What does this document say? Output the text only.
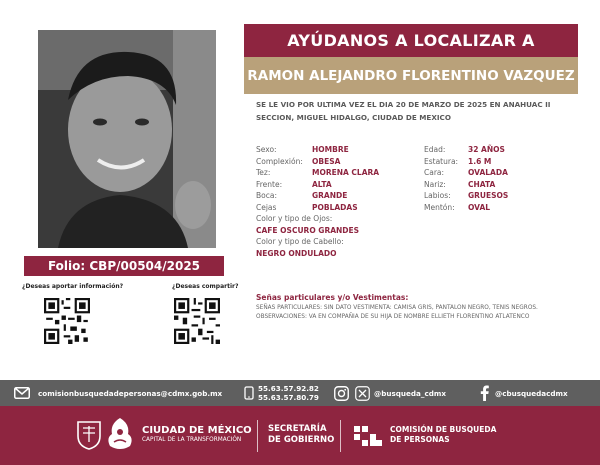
Folio: CBP/00504/2025
¿Deseas aportar información?	¿Deseas compartir?
AYÚDANOS A LOCALIZAR A
RAMON ALEJANDRO FLORENTINO VAZQUEZ
SE LE VIO POR ULTIMA VEZ EL DIA 20 DE MARZO DE 2025 EN ANAHUAC II SECCION, MIGUEL HIDALGO, CIUDAD DE MEXICO
Sexo:	HOMBRE
Complexión: OBESA
Tez:	MORENA CLARA
Frente:	ALTA
Boca:	GRANDE
Cejas	POBLADAS
Edad:	32 AÑOS
Estatura: 1.6 M
Cara:	OVALADA
Nariz:	CHATA
Labios: GRUESOS
Mentón: OVAL
Color y tipo de Ojos:
CAFE OSCURO GRANDES
Color y tipo de Cabello:
NEGRO ONDULADO
Señas particulares y/o Vestimentas:
SEÑAS PARTICULARES: SIN DATO VESTIMENTA: CAMISA GRIS, PANTALON NEGRO, TENIS NEGROS.
OBSERVACIONES: VA EN COMPAÑIA DE SU HIJA DE NOMBRE ELLIETH FLORENTINO ATLATENCO
comisionbusquedadepersonas@cdmx.gob.mx	55.63.57.92.82
55.63.57.80.79	@busqueda_cdmx	@cbusquedacdmx
CIUDAD DE MÉXICO
CAPITAL DE LA TRANSFORMACIÓN
SECRETARÍA
DE GOBIERNO
COMISIÓN DE BUSQUEDA
DE PERSONAS
